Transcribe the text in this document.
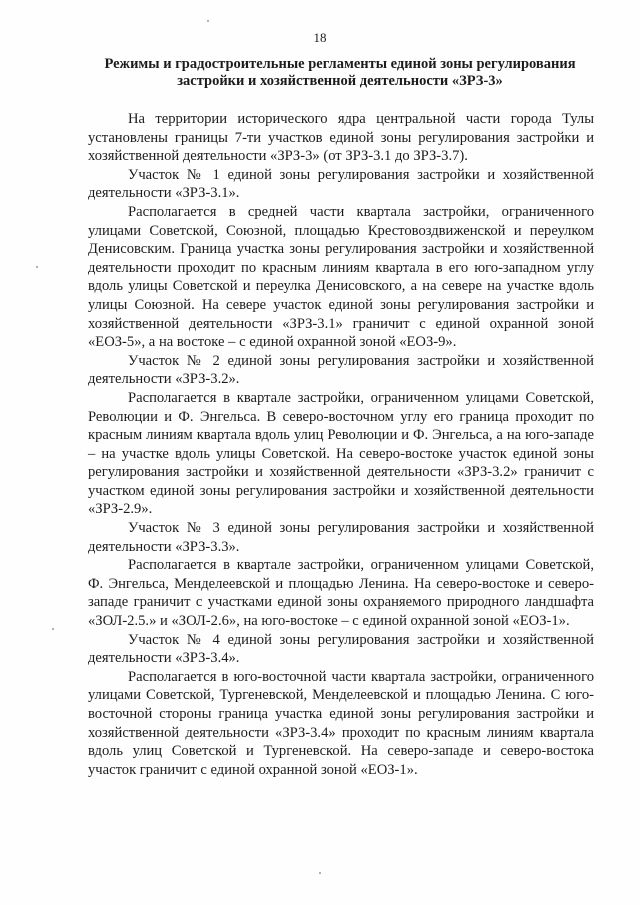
18
Режимы и градостроительные регламенты единой зоны регулирования застройки и хозяйственной деятельности «ЗРЗ-3»

На территории исторического ядра центральной части города Тулы установлены границы 7-ти участков единой зоны регулирования застройки и хозяйственной деятельности «ЗРЗ-3» (от ЗРЗ-3.1 до ЗРЗ-3.7).

Участок № 1 единой зоны регулирования застройки и хозяйственной деятельности «ЗРЗ-3.1».

Располагается в средней части квартала застройки, ограниченного улицами Советской, Союзной, площадью Крестовоздвиженской и переулком Денисовским. Граница участка зоны регулирования застройки и хозяйственной деятельности проходит по красным линиям квартала в его юго-западном углу вдоль улицы Советской и переулка Денисовского, а на севере на участке вдоль улицы Союзной. На севере участок единой зоны регулирования застройки и хозяйственной деятельности «ЗРЗ-3.1» граничит с единой охранной зоной «ЕОЗ-5», а на востоке – с единой охранной зоной «ЕОЗ-9».

Участок № 2 единой зоны регулирования застройки и хозяйственной деятельности «ЗРЗ-3.2».

Располагается в квартале застройки, ограниченном улицами Советской, Революции и Ф. Энгельса. В северо-восточном углу его граница проходит по красным линиям квартала вдоль улиц Революции и Ф. Энгельса, а на юго-западе – на участке вдоль улицы Советской. На северо-востоке участок единой зоны регулирования застройки и хозяйственной деятельности «ЗРЗ-3.2» граничит с участком единой зоны регулирования застройки и хозяйственной деятельности «ЗРЗ-2.9».

Участок № 3 единой зоны регулирования застройки и хозяйственной деятельности «ЗРЗ-3.3».

Располагается в квартале застройки, ограниченном улицами Советской, Ф. Энгельса, Менделеевской и площадью Ленина. На северо-востоке и северо-западе граничит с участками единой зоны охраняемого природного ландшафта «ЗОЛ-2.5.» и «ЗОЛ-2.6», на юго-востоке – с единой охранной зоной «ЕОЗ-1».

Участок № 4 единой зоны регулирования застройки и хозяйственной деятельности «ЗРЗ-3.4».

Располагается в юго-восточной части квартала застройки, ограниченного улицами Советской, Тургеневской, Менделеевской и площадью Ленина. С юго-восточной стороны граница участка единой зоны регулирования застройки и хозяйственной деятельности «ЗРЗ-3.4» проходит по красным линиям квартала вдоль улиц Советской и Тургеневской. На северо-западе и северо-востока участок граничит с единой охранной зоной «ЕОЗ-1».
